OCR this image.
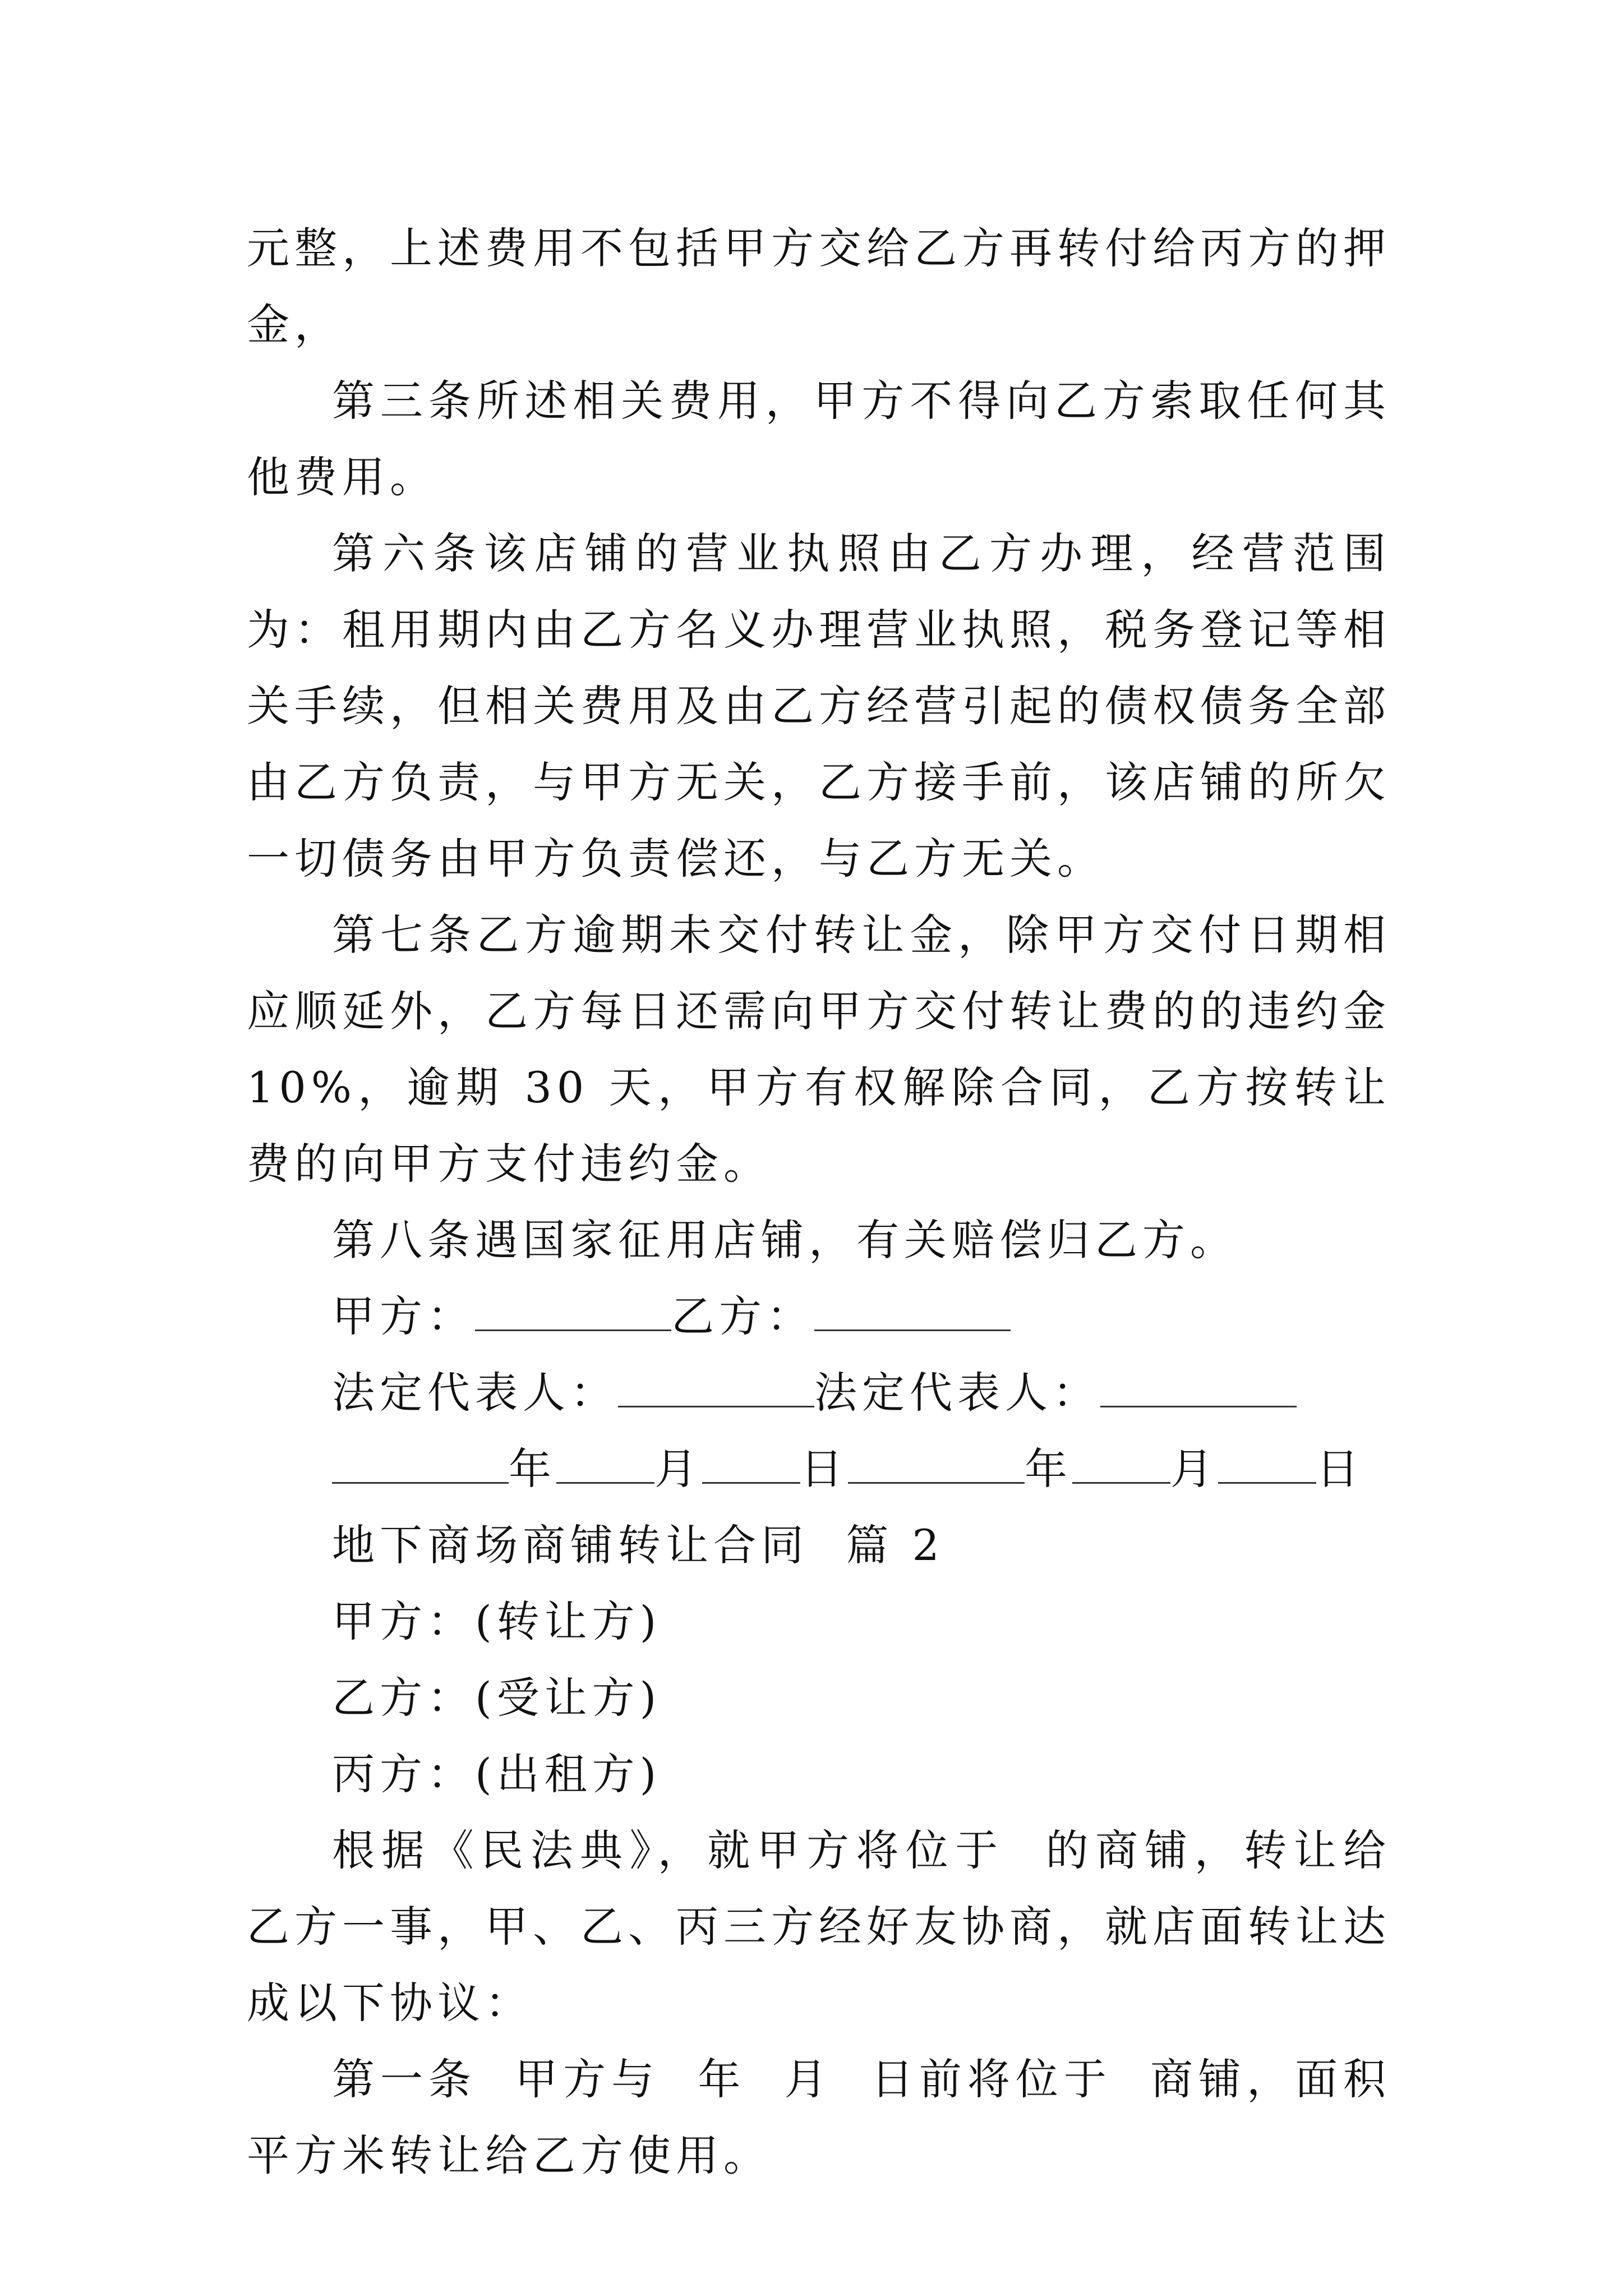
元整，上述费用不包括甲方交给乙方再转付给丙方的押金，

第三条所述相关费用，甲方不得向乙方索取任何其他费用。

第六条该店铺的营业执照由乙方办理，经营范围为：租用期内由乙方名义办理营业执照，税务登记等相关手续，但相关费用及由乙方经营引起的债权债务全部由乙方负责，与甲方无关，乙方接手前，该店铺的所欠一切债务由甲方负责偿还，与乙方无关。

第七条乙方逾期未交付转让金，除甲方交付日期相应顺延外，乙方每日还需向甲方交付转让费的的违约金 10%，逾期 30 天，甲方有权解除合同，乙方按转让费的向甲方支付违约金。

第八条遇国家征用店铺，有关赔偿归乙方。

甲方：	乙方：

法定代表人：	法定代表人：

年 月 日	年 月 日

地下商场商铺转让合同  篇 2

甲方：(转让方)

乙方：(受让方)

丙方：(出租方)

根据《民法典》，就甲方将位于  的商铺，转让给乙方一事，甲、乙、丙三方经好友协商，就店面转让达成以下协议：

第一条  甲方与  年  月  日前将位于  商铺，面积  平方米转让给乙方使用。
